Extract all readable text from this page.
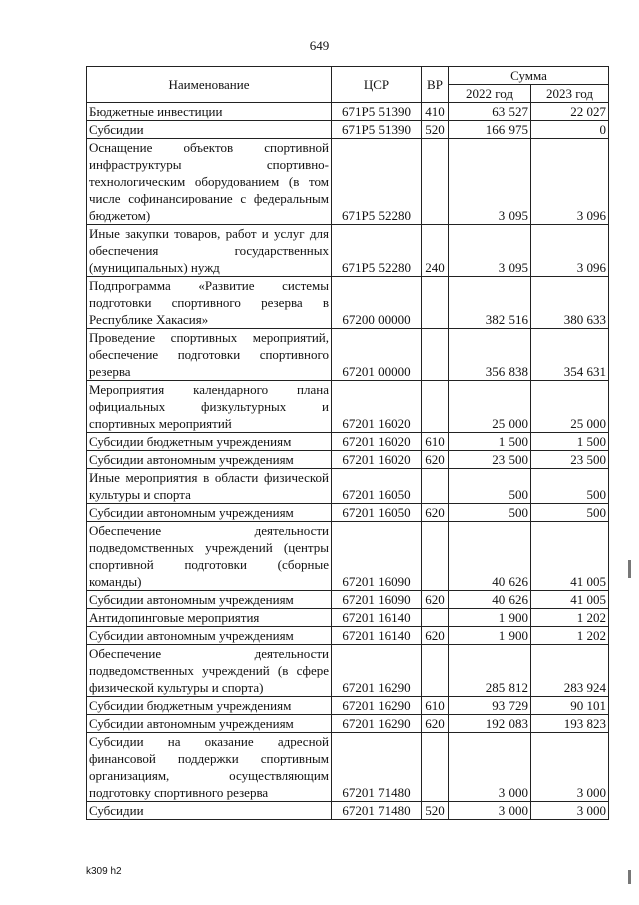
649
Наименование	ЦСР	ВР	Сумма	
			2022 год	2023 год
Бюджетные инвестиции	671P5 51390	410	63 527	22 027
Субсидии	671P5 51390	520	166 975	0
Оснащение объектов спортивной инфраструктуры спортивно-технологическим оборудованием (в том числе софинансирование с федеральным бюджетом)	671P5 52280		3 095	3 096
Иные закупки товаров, работ и услуг для обеспечения государственных (муниципальных) нужд	671P5 52280	240	3 095	3 096
Подпрограмма «Развитие системы подготовки спортивного резерва в Республике Хакасия»	67200 00000		382 516	380 633
Проведение спортивных мероприятий, обеспечение подготовки спортивного резерва	67201 00000		356 838	354 631
Мероприятия календарного плана официальных физкультурных и спортивных мероприятий	67201 16020		25 000	25 000
Субсидии бюджетным учреждениям	67201 16020	610	1 500	1 500
Субсидии автономным учреждениям	67201 16020	620	23 500	23 500
Иные мероприятия в области физической культуры и спорта	67201 16050		500	500
Субсидии автономным учреждениям	67201 16050	620	500	500
Обеспечение деятельности подведомственных учреждений (центры спортивной подготовки (сборные команды)	67201 16090		40 626	41 005
Субсидии автономным учреждениям	67201 16090	620	40 626	41 005
Антидопинговые мероприятия	67201 16140		1 900	1 202
Субсидии автономным учреждениям	67201 16140	620	1 900	1 202
Обеспечение деятельности подведомственных учреждений (в сфере физической культуры и спорта)	67201 16290		285 812	283 924
Субсидии бюджетным учреждениям	67201 16290	610	93 729	90 101
Субсидии автономным учреждениям	67201 16290	620	192 083	193 823
Субсидии на оказание адресной финансовой поддержки спортивным организациям, осуществляющим подготовку спортивного резерва	67201 71480		3 000	3 000
Субсидии	67201 71480	520	3 000	3 000
k309 h2
